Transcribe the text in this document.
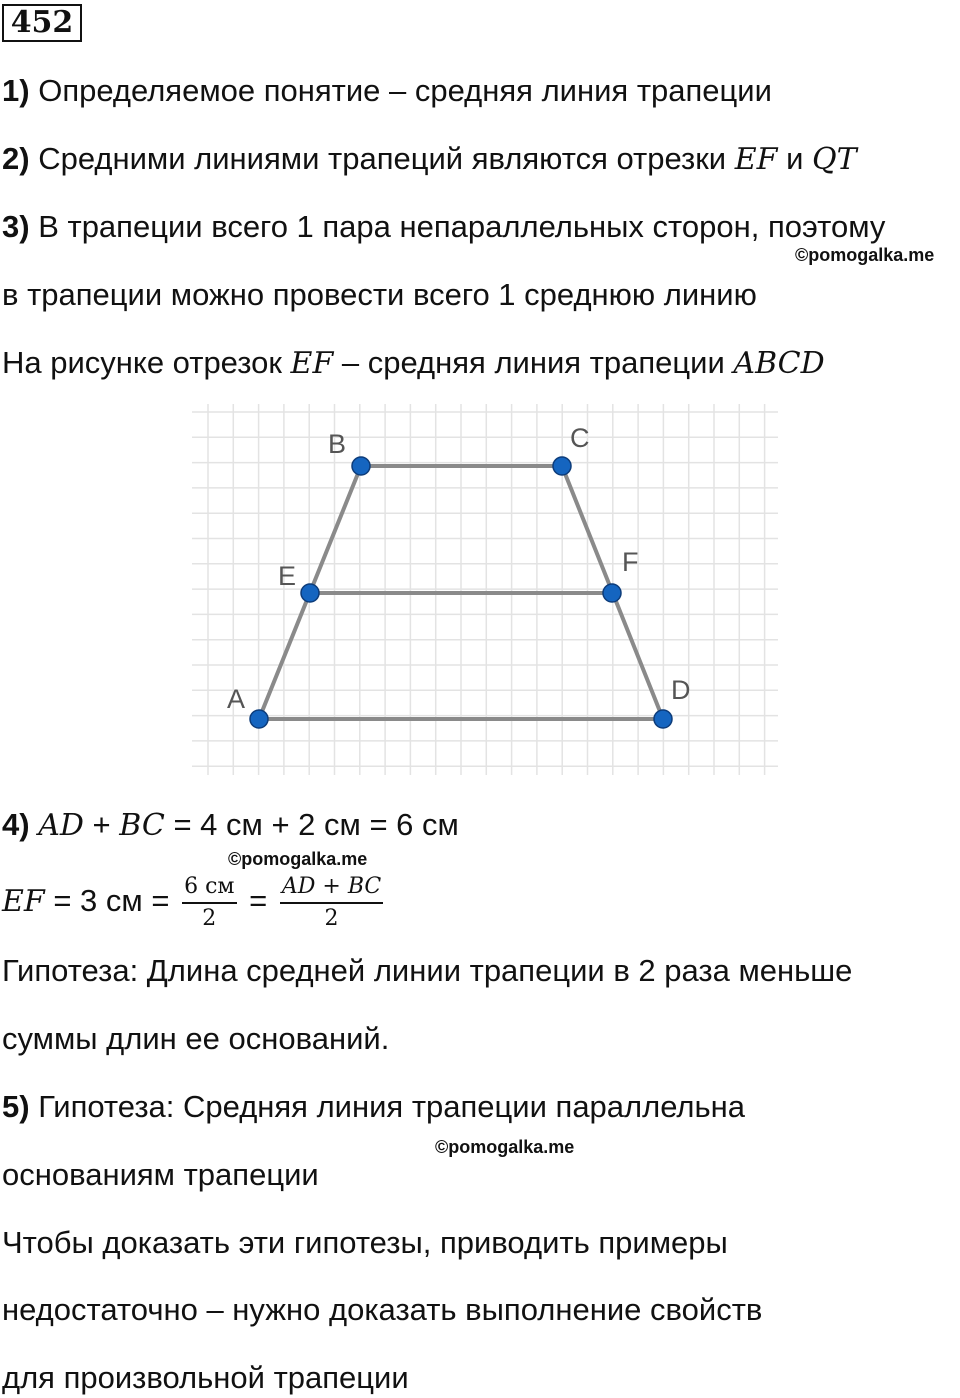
452
1) Определяемое понятие – средняя линия трапеции
2) Средними линиями трапеций являются отрезки EF и QT
3) В трапеции всего 1 пара непараллельных сторон, поэтому
©pomogalka.me
в трапеции можно провести всего 1 среднюю линию
На рисунке отрезок EF – средняя линия трапеции ABCD
A
B	C
D
E	F
4) AD + BC = 4 см + 2 см = 6 см
©pomogalka.me
EF = 3 см = $\frac{6 см}{2} = \frac{AD + BC}{2}$
Гипотеза: Длина средней линии трапеции в 2 раза меньше
суммы длин ее оснований.
5) Гипотеза: Средняя линия трапеции параллельна
©pomogalka.me
основаниям трапеции
Чтобы доказать эти гипотезы, приводить примеры
недостаточно – нужно доказать выполнение свойств
для произвольной трапеции
